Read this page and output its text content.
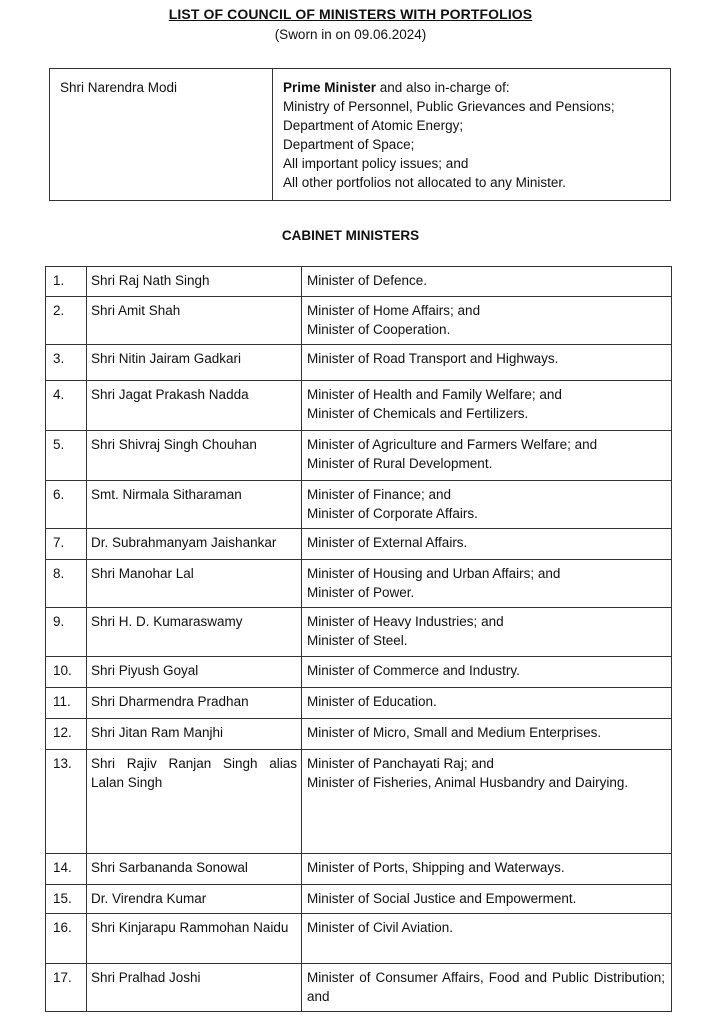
LIST OF COUNCIL OF MINISTERS WITH PORTFOLIOS
(Sworn in on 09.06.2024)
Shri Narendra Modi	Prime Minister and also in-charge of:
Ministry of Personnel, Public Grievances and Pensions;
Department of Atomic Energy;
Department of Space;
All important policy issues; and
All other portfolios not allocated to any Minister.
CABINET MINISTERS
1.	Shri Raj Nath Singh	Minister of Defence.

2.	Shri Amit Shah	Minister of Home Affairs; and
Minister of Cooperation.

3.	Shri Nitin Jairam Gadkari	Minister of Road Transport and Highways.

4.	Shri Jagat Prakash Nadda	Minister of Health and Family Welfare; and
Minister of Chemicals and Fertilizers.

5.	Shri Shivraj Singh Chouhan	Minister of Agriculture and Farmers Welfare; and
Minister of Rural Development.

6.	Smt. Nirmala Sitharaman	Minister of Finance; and
Minister of Corporate Affairs.

7.	Dr. Subrahmanyam Jaishankar	Minister of External Affairs.

8.	Shri Manohar Lal	Minister of Housing and Urban Affairs; and
Minister of Power.

9.	Shri H. D. Kumaraswamy	Minister of Heavy Industries; and
Minister of Steel.

10.	Shri Piyush Goyal	Minister of Commerce and Industry.

11.	Shri Dharmendra Pradhan	Minister of Education.

12.	Shri Jitan Ram Manjhi	Minister of Micro, Small and Medium Enterprises.

13.	Shri Rajiv Ranjan Singh alias Lalan Singh	Minister of Panchayati Raj; and
Minister of Fisheries, Animal Husbandry and Dairying.

14.	Shri Sarbananda Sonowal	Minister of Ports, Shipping and Waterways.

15.	Dr. Virendra Kumar	Minister of Social Justice and Empowerment.

16.	Shri Kinjarapu Rammohan Naidu	Minister of Civil Aviation.

17.	Shri Pralhad Joshi	Minister of Consumer Affairs, Food and Public Distribution; and
